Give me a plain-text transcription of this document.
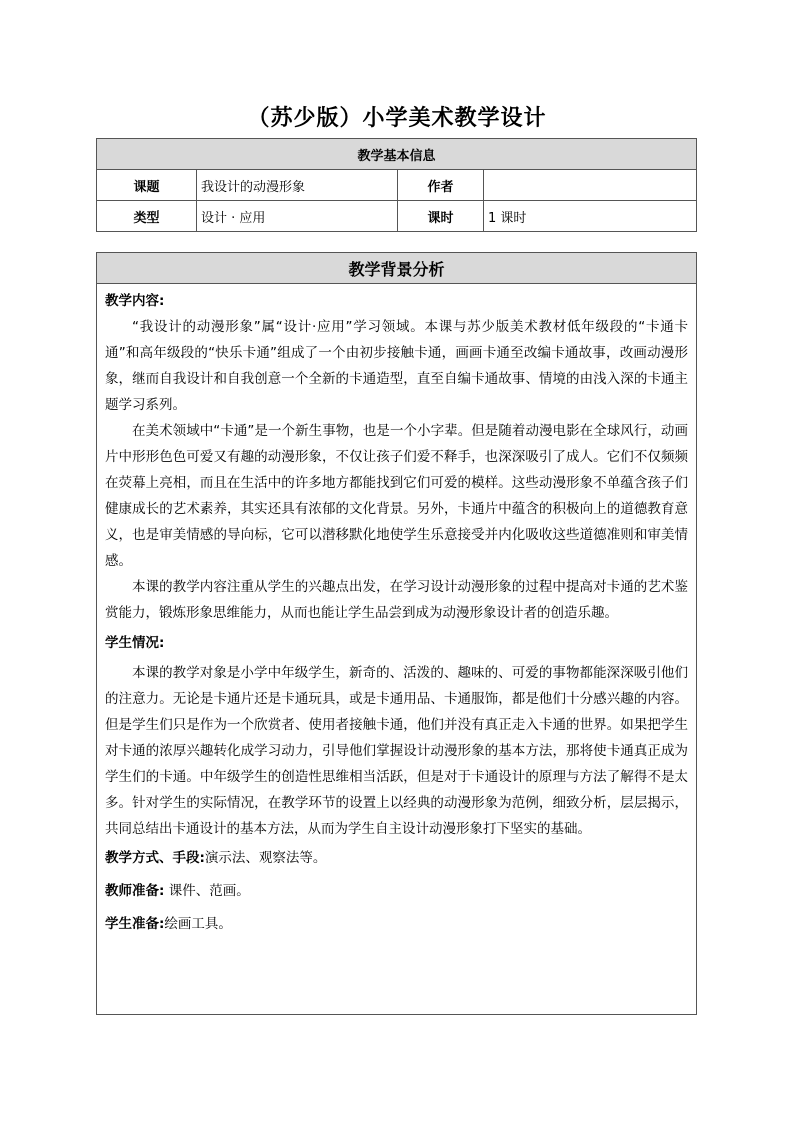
（苏少版）小学美术教学设计
教学基本信息			
课题	我设计的动漫形象	作者	
类型	设计 · 应用	课时	1 课时
教学背景分析

教学内容:

“我设计的动漫形象”属“设计·应用”学习领域。本课与苏少版美术教材低年级段的“卡通卡通”和高年级段的“快乐卡通”组成了一个由初步接触卡通，画画卡通至改编卡通故事，改画动漫形象，继而自我设计和自我创意一个全新的卡通造型，直至自编卡通故事、情境的由浅入深的卡通主题学习系列。

在美术领域中“卡通”是一个新生事物，也是一个小字辈。但是随着动漫电影在全球风行，动画片中形形色色可爱又有趣的动漫形象，不仅让孩子们爱不释手，也深深吸引了成人。它们不仅频频在荧幕上亮相，而且在生活中的许多地方都能找到它们可爱的模样。这些动漫形象不单蕴含孩子们健康成长的艺术素养，其实还具有浓郁的文化背景。另外，卡通片中蕴含的积极向上的道德教育意义，也是审美情感的导向标，它可以潜移默化地使学生乐意接受并内化吸收这些道德准则和审美情感。

本课的教学内容注重从学生的兴趣点出发，在学习设计动漫形象的过程中提高对卡通的艺术鉴赏能力，锻炼形象思维能力，从而也能让学生品尝到成为动漫形象设计者的创造乐趣。

学生情况:

本课的教学对象是小学中年级学生，新奇的、活泼的、趣味的、可爱的事物都能深深吸引他们的注意力。无论是卡通片还是卡通玩具，或是卡通用品、卡通服饰，都是他们十分感兴趣的内容。但是学生们只是作为一个欣赏者、使用者接触卡通，他们并没有真正走入卡通的世界。如果把学生对卡通的浓厚兴趣转化成学习动力，引导他们掌握设计动漫形象的基本方法，那将使卡通真正成为学生们的卡通。中年级学生的创造性思维相当活跃，但是对于卡通设计的原理与方法了解得不是太多。针对学生的实际情况，在教学环节的设置上以经典的动漫形象为范例，细致分析，层层揭示，共同总结出卡通设计的基本方法，从而为学生自主设计动漫形象打下坚实的基础。

教学方式、手段:演示法、观察法等。
教师准备: 课件、范画。
学生准备:绘画工具。
